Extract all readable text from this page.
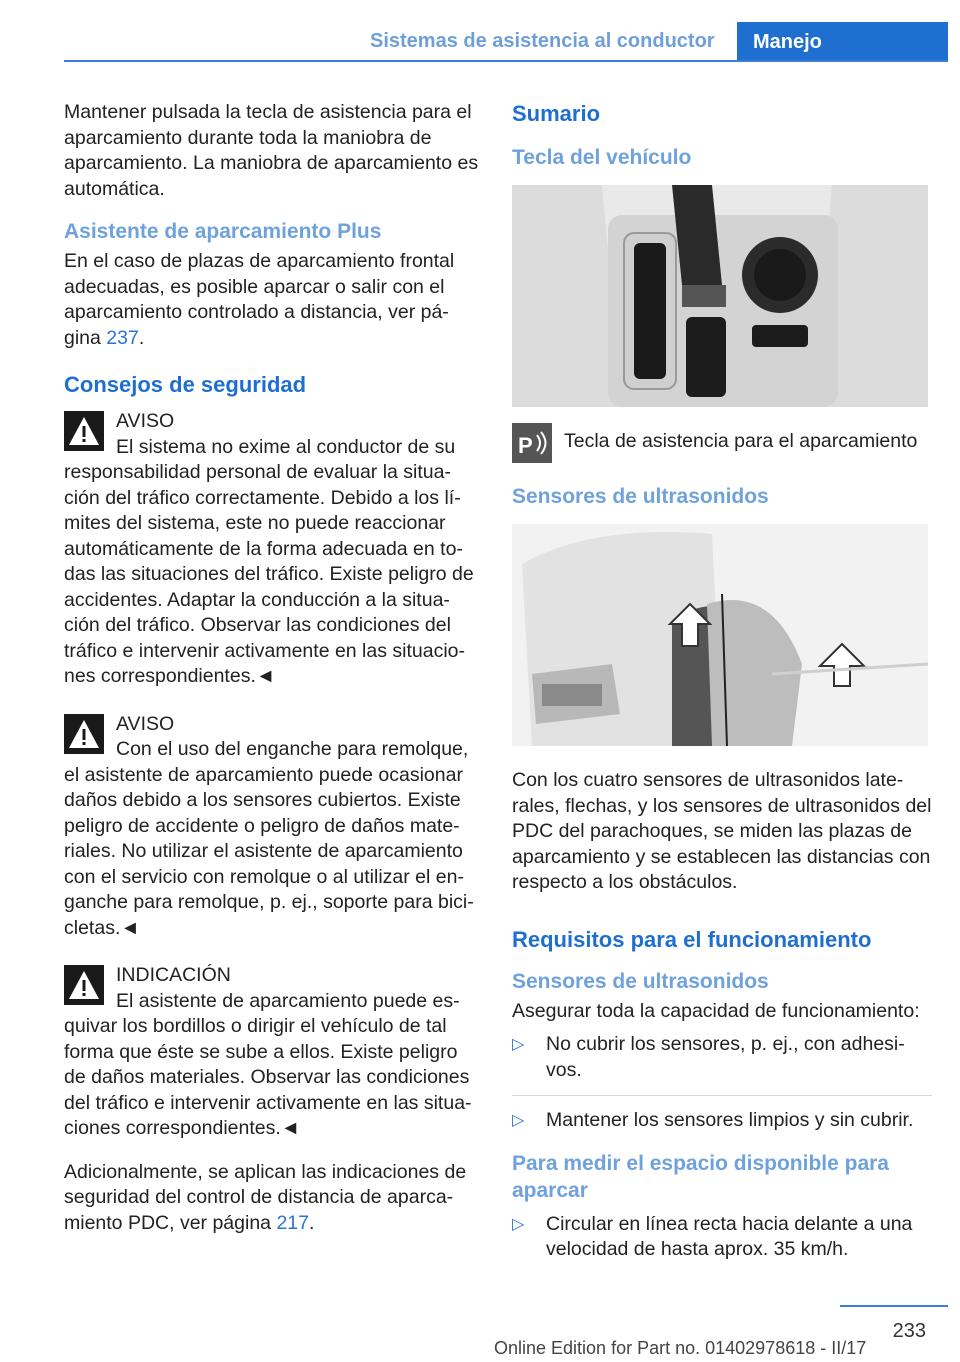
Sistemas de asistencia al conductor	Manejo

Mantener pulsada la tecla de asistencia para el aparcamiento durante toda la maniobra de aparcamiento. La maniobra de aparcamiento es automática.

Asistente de aparcamiento Plus

En el caso de plazas de aparcamiento frontal adecuadas, es posible aparcar o salir con el aparcamiento controlado a distancia, ver pá-gina 237.

Consejos de seguridad
AVISO
El sistema no exime al conductor de su responsabilidad personal de evaluar la situa-ción del tráfico correctamente. Debido a los lí-mites del sistema, este no puede reaccionar automáticamente de la forma adecuada en to-das las situaciones del tráfico. Existe peligro de accidentes. Adaptar la conducción a la situa-ción del tráfico. Observar las condiciones del tráfico e intervenir activamente en las situacio-nes correspondientes.◄
AVISO
Con el uso del enganche para remolque, el asistente de aparcamiento puede ocasionar daños debido a los sensores cubiertos. Existe peligro de accidente o peligro de daños mate-riales. No utilizar el asistente de aparcamiento con el servicio con remolque o al utilizar el en-ganche para remolque, p. ej., soporte para bici-cletas.◄
INDICACIÓN
El asistente de aparcamiento puede es-quivar los bordillos o dirigir el vehículo de tal forma que éste se sube a ellos. Existe peligro de daños materiales. Observar las condiciones del tráfico e intervenir activamente en las situa-ciones correspondientes.◄

Adicionalmente, se aplican las indicaciones de seguridad del control de distancia de aparca-miento PDC, ver página 217.

Sumario
Tecla del vehículo
P Tecla de asistencia para el aparcamiento
Sensores de ultrasonidos

Con los cuatro sensores de ultrasonidos late-rales, flechas, y los sensores de ultrasonidos del PDC del parachoques, se miden las plazas de aparcamiento y se establecen las distancias con respecto a los obstáculos.

Requisitos para el funcionamiento
Sensores de ultrasonidos

Asegurar toda la capacidad de funcionamiento:

▷	No cubrir los sensores, p. ej., con adhesi-vos.
▷	Mantener los sensores limpios y sin cubrir.
Para medir el espacio disponible para aparcar
▷	Circular en línea recta hacia delante a una velocidad de hasta aprox. 35 km/h.
233
Online Edition for Part no. 01402978618 - II/17
